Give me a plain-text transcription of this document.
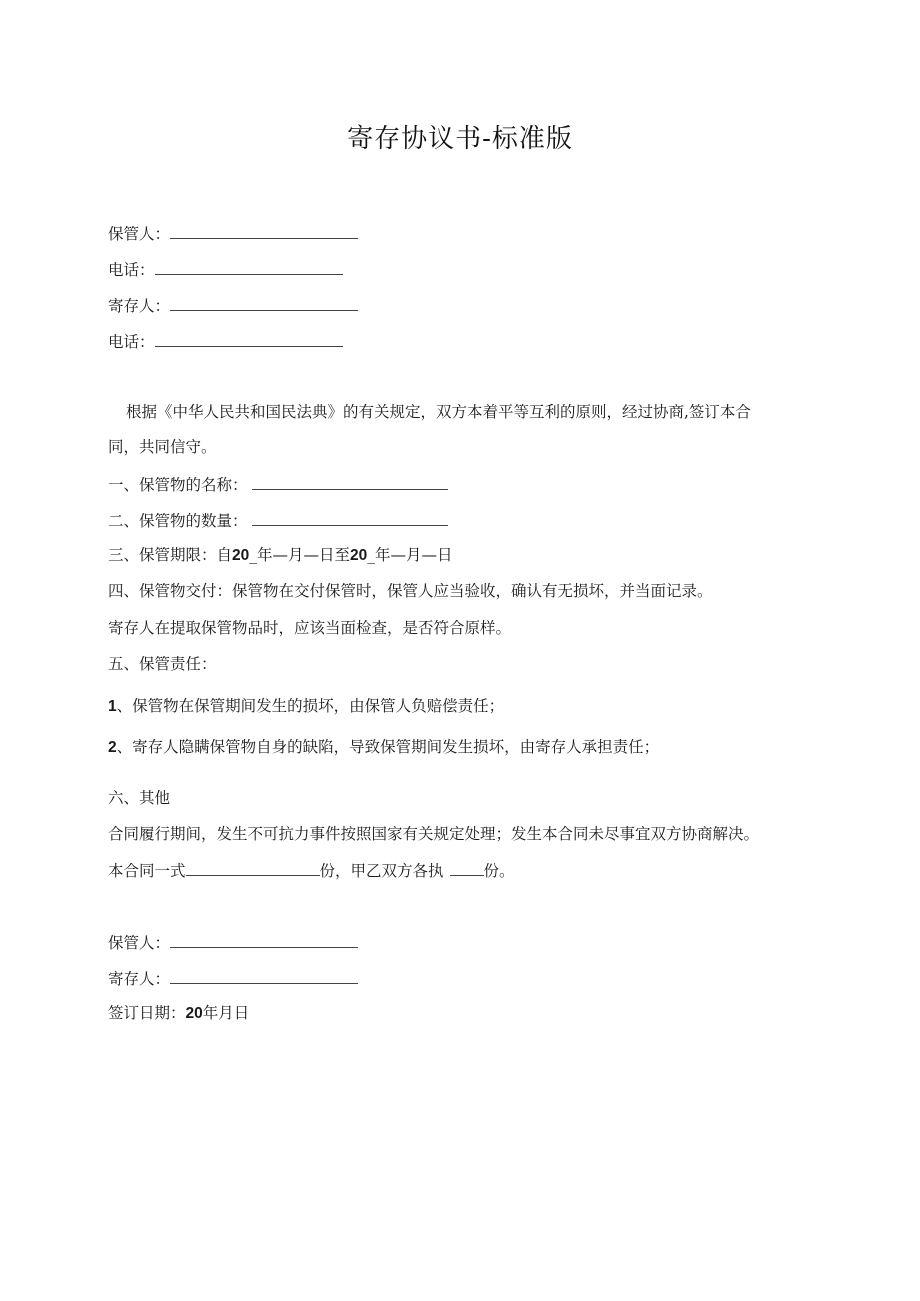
寄存协议书-标准版
保管人：
电话：
寄存人：
电话：
根据《中华人民共和国民法典》的有关规定，双方本着平等互利的原则，经过协商,签订本合
同，共同信守。
一、保管物的名称：
二、保管物的数量：
三、保管期限：自20_年—月—日至20_年—月—日
四、保管物交付：保管物在交付保管时，保管人应当验收，确认有无损坏，并当面记录。
寄存人在提取保管物品时，应该当面检查，是否符合原样。
五、保管责任：
1、保管物在保管期间发生的损坏，由保管人负赔偿责任；
2、寄存人隐瞒保管物自身的缺陷，导致保管期间发生损坏，由寄存人承担责任；
六、其他
合同履行期间，发生不可抗力事件按照国家有关规定处理；发生本合同未尽事宜双方协商解决。
本合同一式	份，甲乙双方各执	份。
保管人：
寄存人：
签订日期：20年月日
